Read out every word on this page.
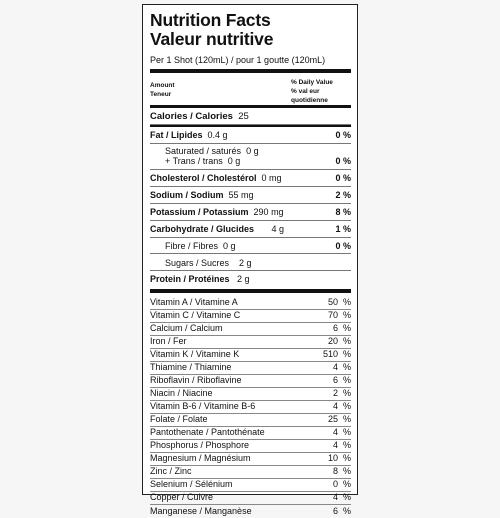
Nutrition Facts
Valeur nutritive
Per 1 Shot (120mL) / pour 1 goutte (120mL)
Amount
Teneur
% Daily Value
% val eur quotidienne
Calories / Calories 25
Fat / Lipides 0.4 g	0 %
Saturated / saturés 0 g
+ Trans / trans 0 g	0 %
Cholesterol / Cholestérol 0 mg	0 %
Sodium / Sodium 55 mg	2 %
Potassium / Potassium 290 mg	8 %
Carbohydrate / Glucides 4 g	1 %
Fibre / Fibres 0 g	0 %
Sugars / Sucres 2 g
Protein / Protéines 2 g
Vitamin A / Vitamine A	50  %
Vitamin C / Vitamine C	70  %
Calcium / Calcium	6  %
Iron / Fer	20  %
Vitamin K / Vitamine K	510  %
Thiamine / Thiamine	4  %
Riboflavin / Riboflavine	6  %
Niacin / Niacine	2  %
Vitamin B-6 / Vitamine B-6	4  %
Folate / Folate	25  %
Pantothenate / Pantothénate	4  %
Phosphorus / Phosphore	4  %
Magnesium / Magnésium	10  %
Zinc / Zinc	8  %
Selenium / Sélénium	0  %
Copper / Cuivre	4  %
Manganese / Manganèse	6  %
